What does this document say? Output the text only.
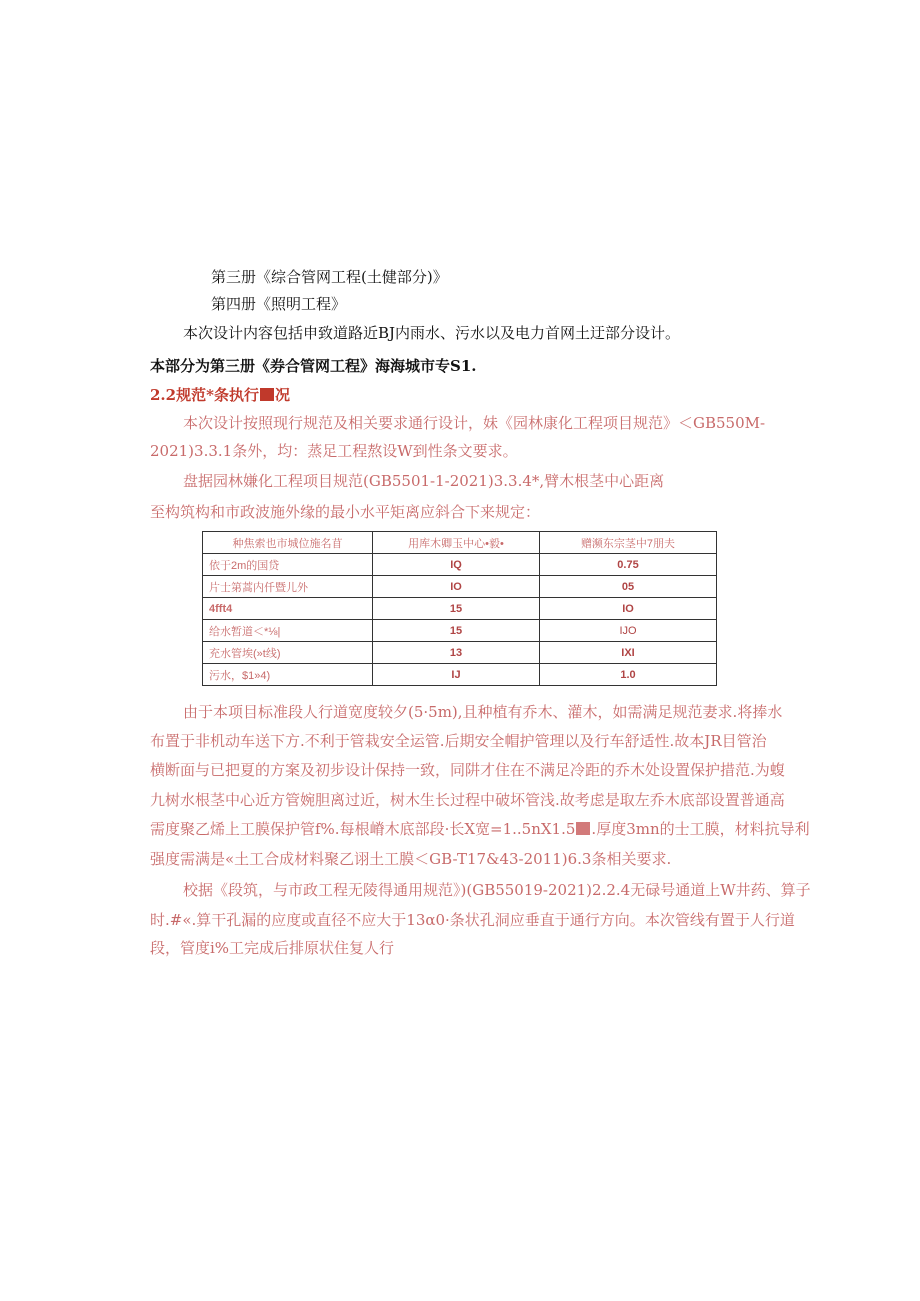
第三册《综合管网工程(土健部分)》
第四册《照明工程》
本次设计内容包括申致道路近BJ内雨水、污水以及电力首网土迂部分设计。
本部分为第三册《券合管网工程》海海城市专S1.
2.2规范*条执行 况
本次设计按照现行规范及相关要求通行设计，妹《园林康化工程项目规范》＜GB550M-
2021)3.3.1条外，均：蒸足工程熬设W到性条文要求。
盘据园林嫌化工程项目规范(GB5501-1-2021)3.3.4*,臂木根茎中心距离
至构筑构和市政波施外缘的最小水平矩离应斜合下来规定：
种焦索也市城位施名苜	用库木卿玉中心•毅•	赠濒东宗茎中7朋夫
依于2m的国贷	IQ	0.75
片士第蒿内仟暨儿外	IO	05
4fft4	15	IO
给水暂道＜*⅛|	15	IJO
充水管埃(»t线)	13	IXI
污水，$1»4)	IJ	1.0
由于本项目标准段人行道宽度较夕(5·5m),且种植有乔木、灌木，如需满足规范妻求.将捧水
布置于非机动车送下方.不利于管栽安全运管.后期安全帽护管理以及行车舒适性.故本JR目管治
横断面与已把夏的方案及初步设计保持一致，同阱才住在不满足冷距的乔木处设置保护措范.为蝮
九树水根茎中心近方管婉胆离过近，树木生长过程中破坏管浅.故考虑是取左乔木底部设置普通高
需度聚乙烯上工膜保护管f%.每根嵴木底部段·长X宽=1..5nX1.5 .厚度3mn的士工膜，材料抗导利
强度需满是«土工合成材料聚乙诩土工膜＜GB-T17&43-2011)6.3条相关要求.
校据《段筑，与市政工程无陵得通用规范》)(GB55019-2021)2.2.4无碌号通道上W井药、算子
时.#«.算干孔漏的应度或直径不应大于13α0·条状孔洞应垂直于通行方向。本次管线有置于人行道
段，管度i%工完成后排原状住复人行
